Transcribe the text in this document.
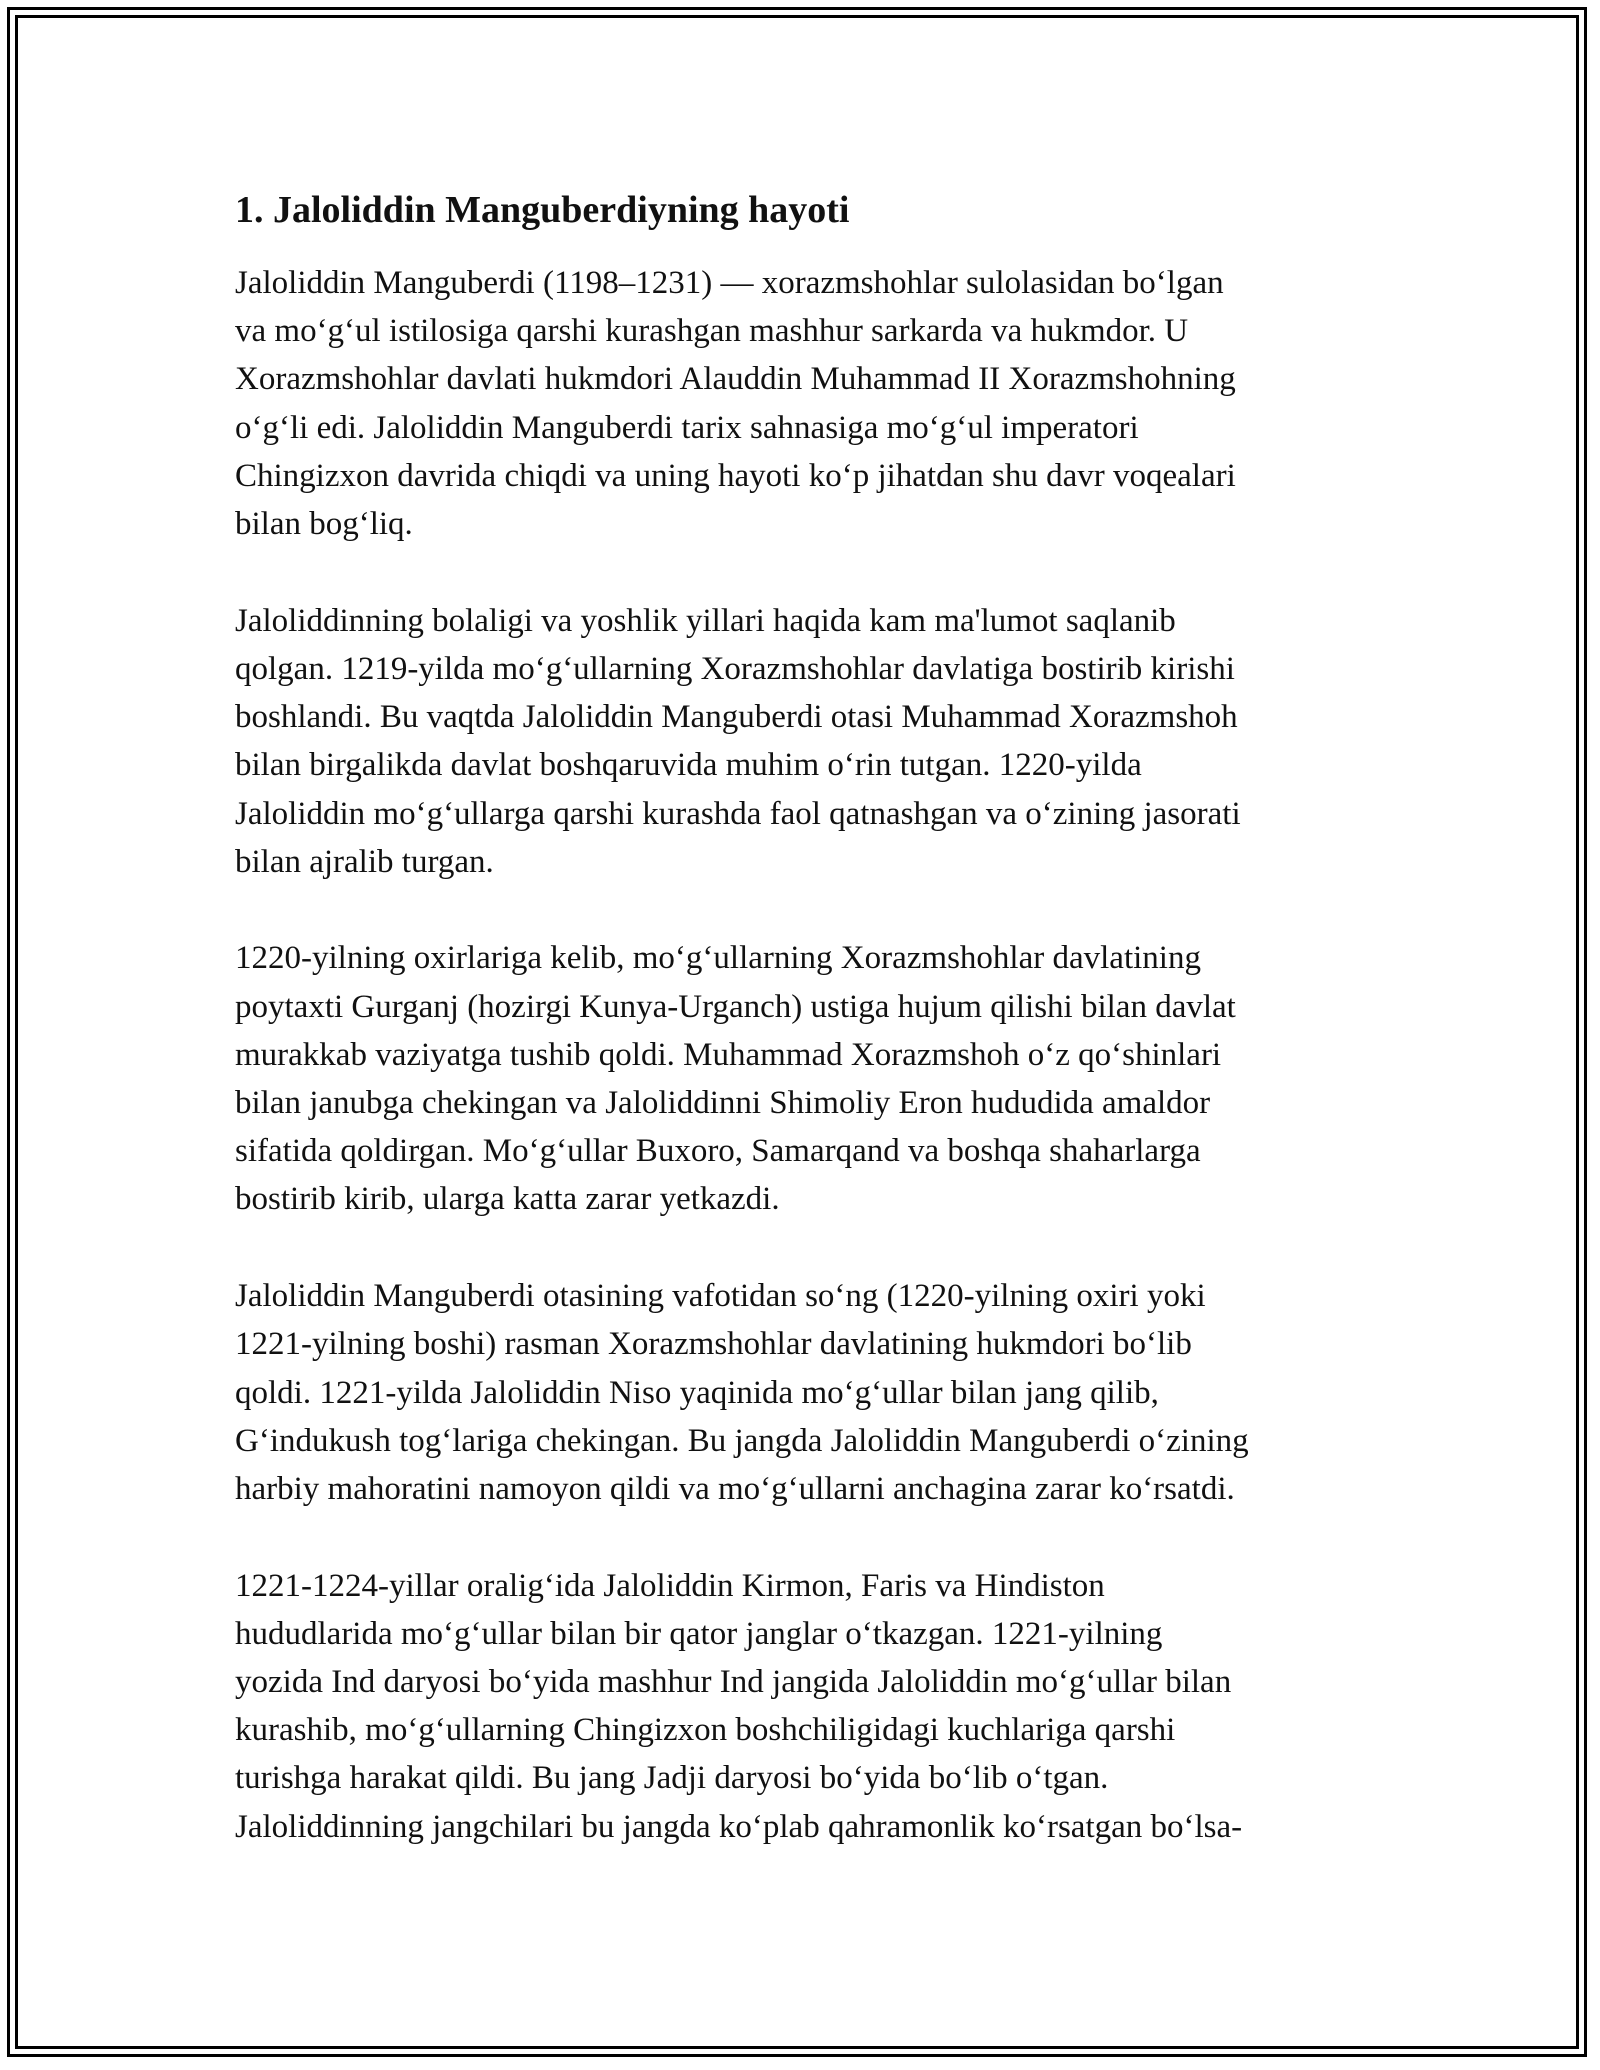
1. Jaloliddin Manguberdiyning hayoti

Jaloliddin Manguberdi (1198–1231) — xorazmshohlar sulolasidan bo‘lgan
va mo‘g‘ul istilosiga qarshi kurashgan mashhur sarkarda va hukmdor. U
Xorazmshohlar davlati hukmdori Alauddin Muhammad II Xorazmshohning
o‘g‘li edi. Jaloliddin Manguberdi tarix sahnasiga mo‘g‘ul imperatori
Chingizxon davrida chiqdi va uning hayoti ko‘p jihatdan shu davr voqealari
bilan bog‘liq.

Jaloliddinning bolaligi va yoshlik yillari haqida kam ma'lumot saqlanib
qolgan. 1219-yilda mo‘g‘ullarning Xorazmshohlar davlatiga bostirib kirishi
boshlandi. Bu vaqtda Jaloliddin Manguberdi otasi Muhammad Xorazmshoh
bilan birgalikda davlat boshqaruvida muhim o‘rin tutgan. 1220-yilda
Jaloliddin mo‘g‘ullarga qarshi kurashda faol qatnashgan va o‘zining jasorati
bilan ajralib turgan.

1220-yilning oxirlariga kelib, mo‘g‘ullarning Xorazmshohlar davlatining
poytaxti Gurganj (hozirgi Kunya-Urganch) ustiga hujum qilishi bilan davlat
murakkab vaziyatga tushib qoldi. Muhammad Xorazmshoh o‘z qo‘shinlari
bilan janubga chekingan va Jaloliddinni Shimoliy Eron hududida amaldor
sifatida qoldirgan. Mo‘g‘ullar Buxoro, Samarqand va boshqa shaharlarga
bostirib kirib, ularga katta zarar yetkazdi.

Jaloliddin Manguberdi otasining vafotidan so‘ng (1220-yilning oxiri yoki
1221-yilning boshi) rasman Xorazmshohlar davlatining hukmdori bo‘lib
qoldi. 1221-yilda Jaloliddin Niso yaqinida mo‘g‘ullar bilan jang qilib,
G‘indukush tog‘lariga chekingan. Bu jangda Jaloliddin Manguberdi o‘zining
harbiy mahoratini namoyon qildi va mo‘g‘ullarni anchagina zarar ko‘rsatdi.

1221-1224-yillar oralig‘ida Jaloliddin Kirmon, Faris va Hindiston
hududlarida mo‘g‘ullar bilan bir qator janglar o‘tkazgan. 1221-yilning
yozida Ind daryosi bo‘yida mashhur Ind jangida Jaloliddin mo‘g‘ullar bilan
kurashib, mo‘g‘ullarning Chingizxon boshchiligidagi kuchlariga qarshi
turishga harakat qildi. Bu jang Jadji daryosi bo‘yida bo‘lib o‘tgan.
Jaloliddinning jangchilari bu jangda ko‘plab qahramonlik ko‘rsatgan bo‘lsa-
